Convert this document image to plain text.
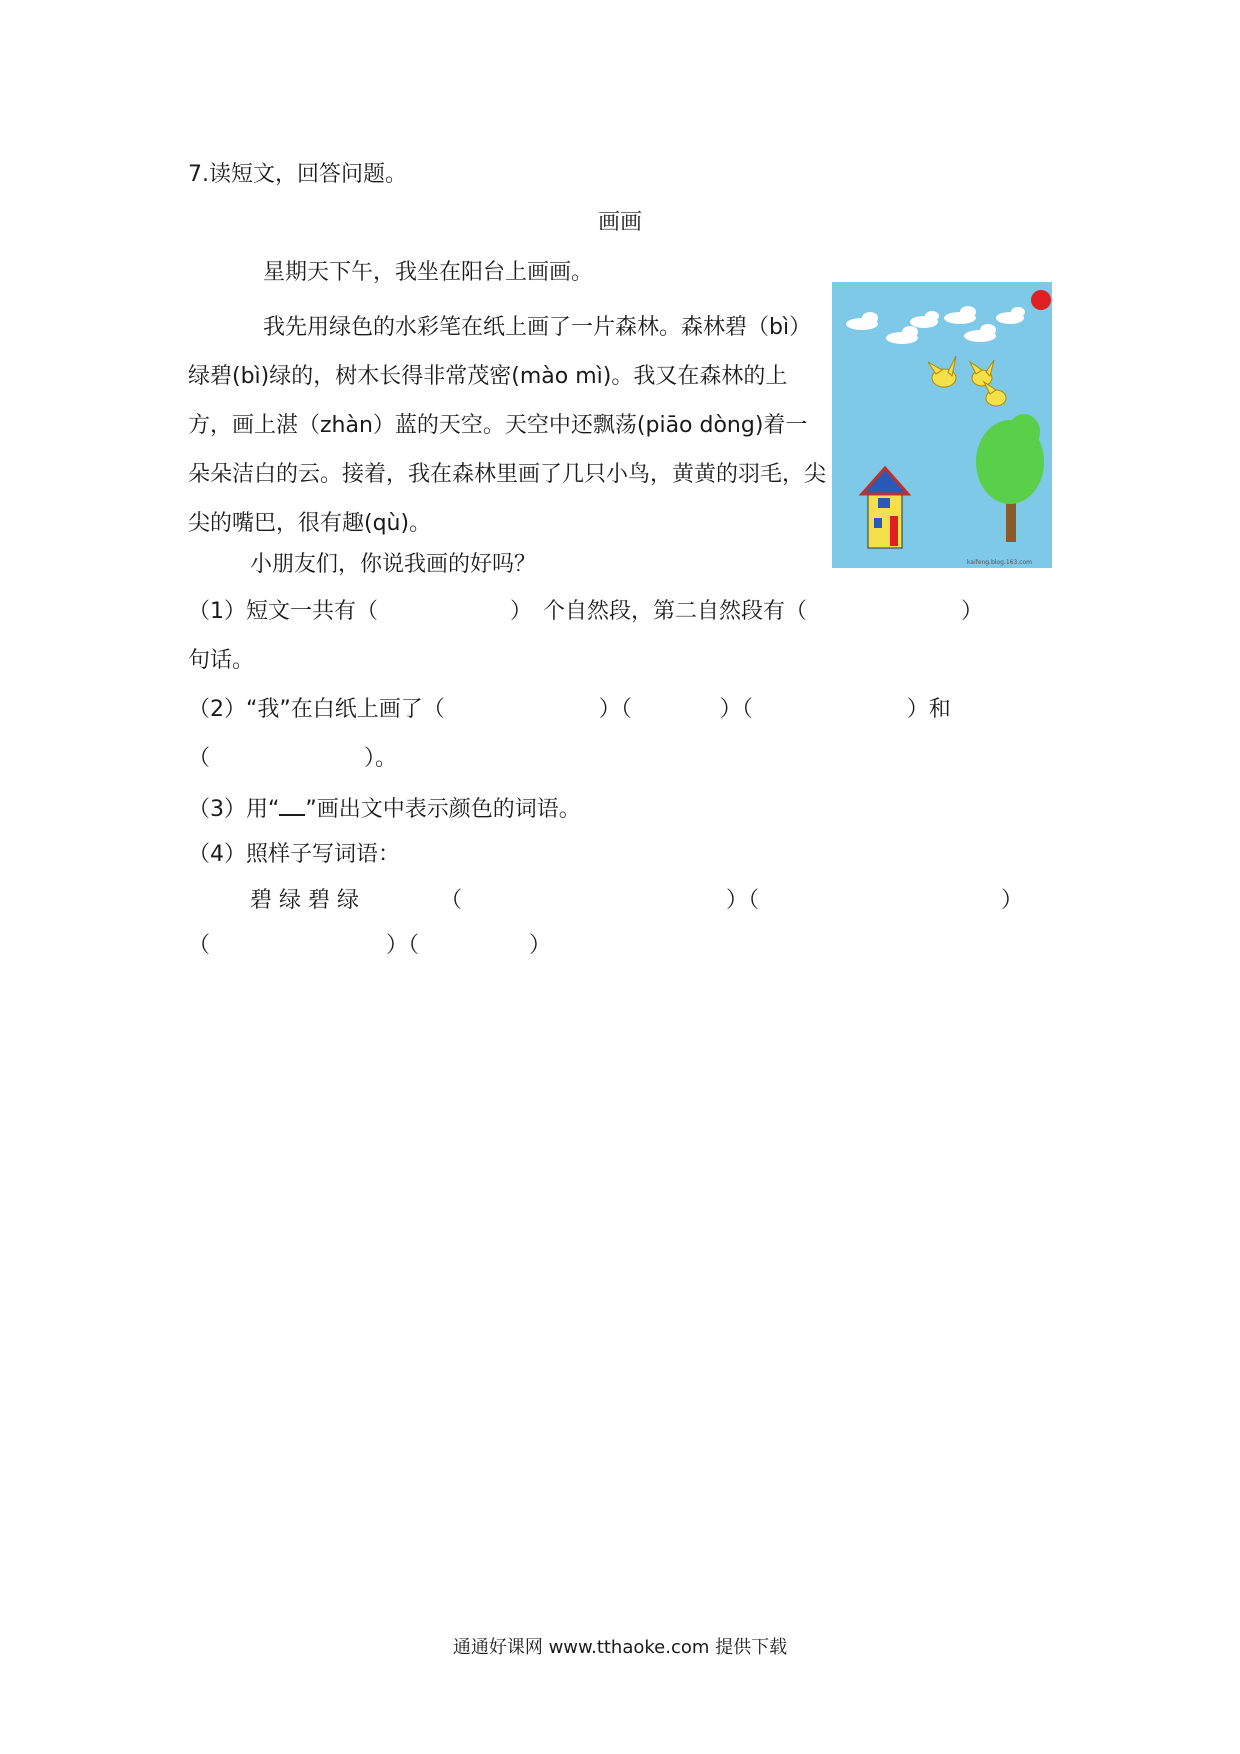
7.读短文，回答问题。

画画

星期天下午，我坐在阳台上画画。

我先用绿色的水彩笔在纸上画了一片森林。森林碧（bì）绿碧(bì)绿的，树木长得非常茂密(mào mì)。我又在森林的上方，画上湛（zhàn）蓝的天空。天空中还飘荡(piāo dòng)着一朵朵洁白的云。接着，我在森林里画了几只小鸟，黄黄的羽毛，尖尖的嘴巴，很有趣(qù)。

kaifeng.blog.163.com

小朋友们，你说我画的好吗？

（1）短文一共有（　　　　　　）　个自然段，第二自然段有（　　　　　　　）

句话。

（2）“我”在白纸上画了（　　　　　　　）（　　　　）（　　　　　　　）和

（　　　　　　　）。

（3）用“ ”画出文中表示颜色的词语。

（4）照样子写词语：

碧 绿 碧 绿	（　　　　　　　　　　　　）（　　　　　　　　　　　）

（　　　　　　　　）（　　　　　）

通通好课网 www.tthaoke.com 提供下载
